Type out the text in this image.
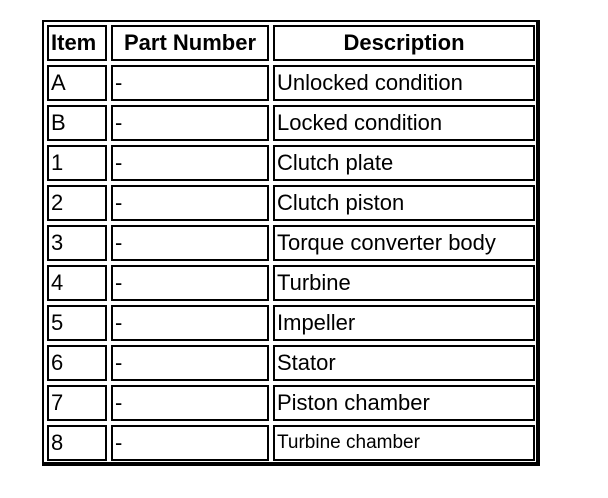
Item	Part Number	Description
A	-	Unlocked condition
B	-	Locked condition
1	-	Clutch plate
2	-	Clutch piston
3	-	Torque converter body
4	-	Turbine
5	-	Impeller
6	-	Stator
7	-	Piston chamber
8	-	Turbine chamber
